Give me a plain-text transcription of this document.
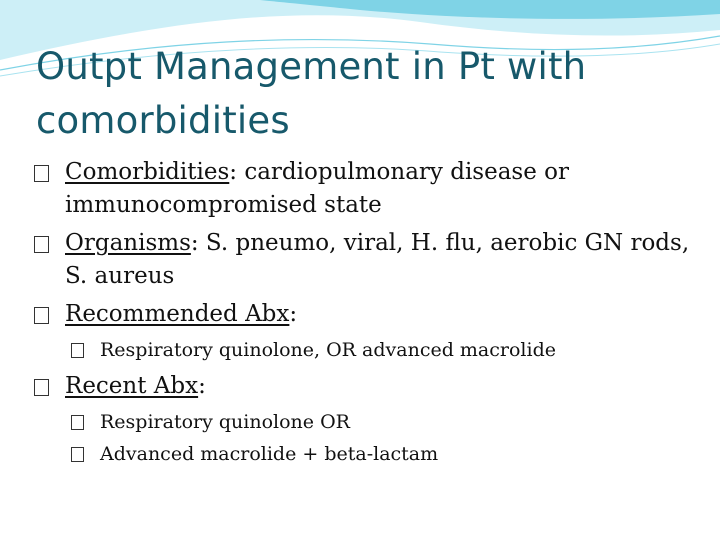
Outpt Management in Pt with
comorbidities
Comorbidities: cardiopulmonary disease or immunocompromised state
Organisms: S. pneumo, viral, H. flu, aerobic GN rods, S. aureus
Recommended Abx:
Respiratory quinolone, OR advanced macrolide
Recent Abx:
Respiratory quinolone OR
Advanced macrolide + beta-lactam
